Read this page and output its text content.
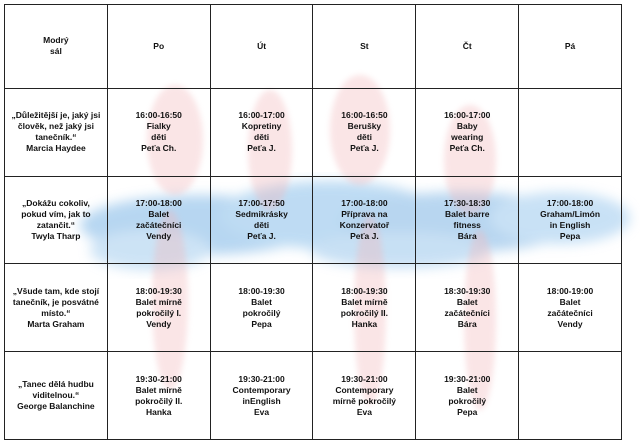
Modrý
sál	Po	Út	St	Čt	Pá

„Důležitější je, jaký jsi
člověk, než jaký jsi
tanečník.“
Marcia Haydee	16:00-16:50
Fialky
děti
Peťa Ch.	16:00-17:00
Kopretiny
děti
Peťa J.	16:00-16:50
Berušky
děti
Peťa J.	16:00-17:00
Baby
wearing
Peťa Ch.	

„Dokážu cokoliv,
pokud vím, jak to
zatančit.“
Twyla Tharp	17:00-18:00
Balet
začátečníci
Vendy	17:00-17:50
Sedmikrásky
děti
Peťa J.	17:00-18:00
Příprava na
Konzervatoř
Peťa J.	17:30-18:30
Balet barre
fitness
Bára	17:00-18:00
Graham/Limón
in English
Pepa

„Všude tam, kde stojí
tanečník, je posvátné
místo.“
Marta Graham	18:00-19:30
Balet mírně
pokročilý I.
Vendy	18:00-19:30
Balet
pokročilý
Pepa	18:00-19:30
Balet mírně
pokročilý II.
Hanka	18:30-19:30
Balet
začátečníci
Bára	18:00-19:00
Balet
začátečníci
Vendy

„Tanec dělá hudbu
viditelnou.“
George Balanchine	19:30-21:00
Balet mírně
pokročilý II.
Hanka	19:30-21:00
Contemporary
inEnglish
Eva	19:30-21:00
Contemporary
mírně pokročilý
Eva	19:30-21:00
Balet
pokročilý
Pepa	
